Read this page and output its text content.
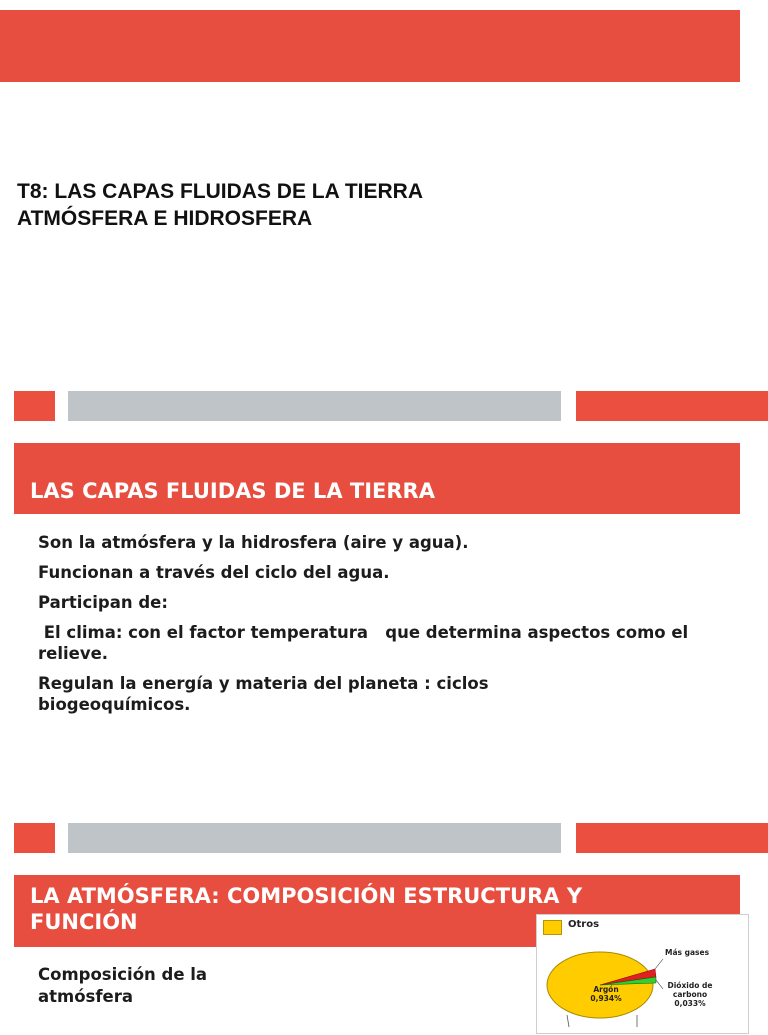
T8: LAS CAPAS FLUIDAS DE LA TIERRA
ATMÓSFERA E HIDROSFERA
LAS CAPAS FLUIDAS DE LA TIERRA

Son la atmósfera y la hidrosfera (aire y agua).

Funcionan a través del ciclo del agua.

Participan de:

El clima: con el factor temperatura   que determina aspectos como el relieve.

Regulan la energía y materia del planeta : ciclos biogeoquímicos.

LA ATMÓSFERA: COMPOSICIÓN ESTRUCTURA Y FUNCIÓN
Composición de la atmósfera
Otros
Más gases
Dióxido de
carbono
0,033%
Argón
0,934%
